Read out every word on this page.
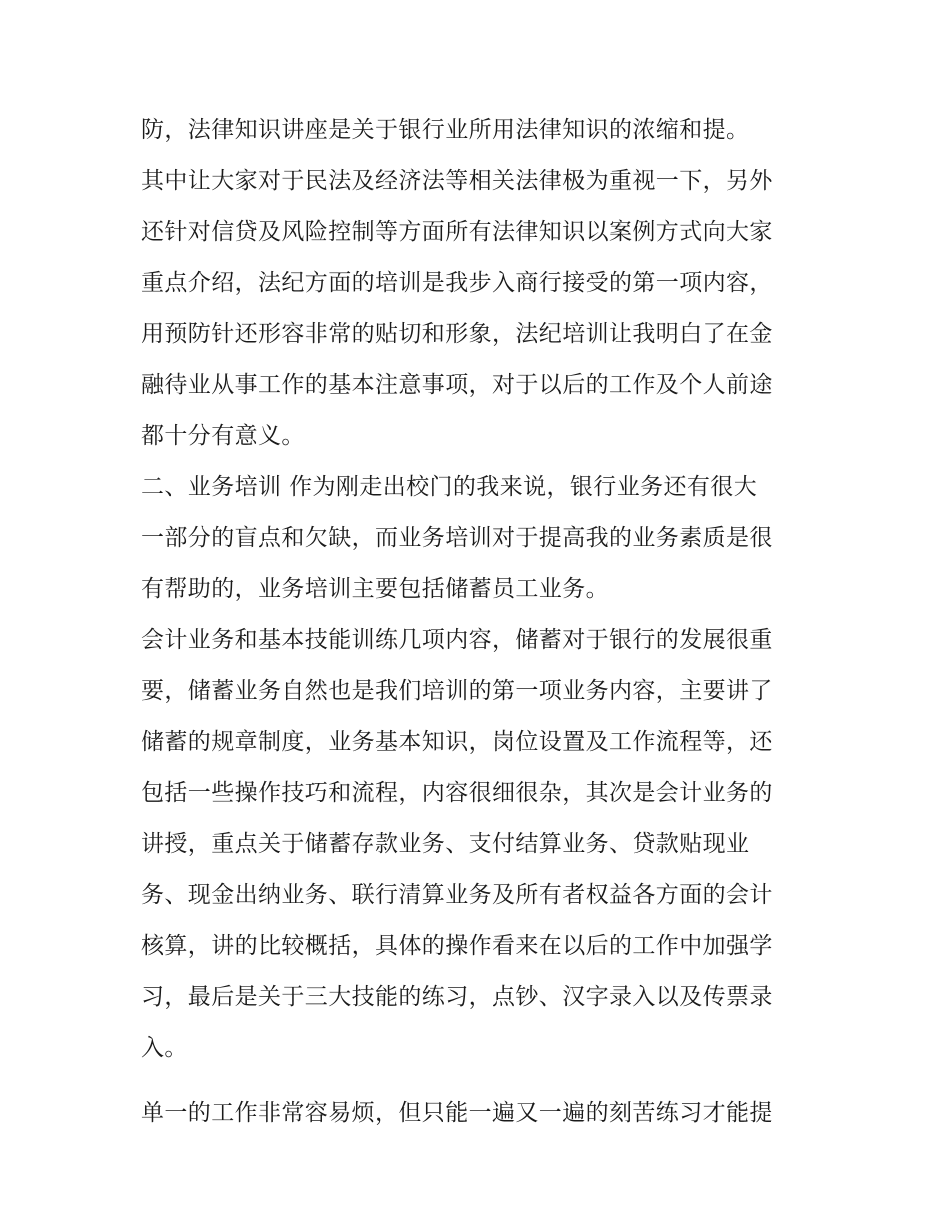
防，法律知识讲座是关于银行业所用法律知识的浓缩和提。
其中让大家对于民法及经济法等相关法律极为重视一下，另外
还针对信贷及风险控制等方面所有法律知识以案例方式向大家
重点介绍，法纪方面的培训是我步入商行接受的第一项内容，
用预防针还形容非常的贴切和形象，法纪培训让我明白了在金
融待业从事工作的基本注意事项，对于以后的工作及个人前途
都十分有意义。
二、业务培训 作为刚走出校门的我来说，银行业务还有很大
一部分的盲点和欠缺，而业务培训对于提高我的业务素质是很
有帮助的，业务培训主要包括储蓄员工业务。
会计业务和基本技能训练几项内容，储蓄对于银行的发展很重
要，储蓄业务自然也是我们培训的第一项业务内容，主要讲了
储蓄的规章制度，业务基本知识，岗位设置及工作流程等，还
包括一些操作技巧和流程，内容很细很杂，其次是会计业务的
讲授，重点关于储蓄存款业务、支付结算业务、贷款贴现业
务、现金出纳业务、联行清算业务及所有者权益各方面的会计
核算，讲的比较概括，具体的操作看来在以后的工作中加强学
习，最后是关于三大技能的练习，点钞、汉字录入以及传票录
入。
单一的工作非常容易烦，但只能一遍又一遍的刻苦练习才能提
